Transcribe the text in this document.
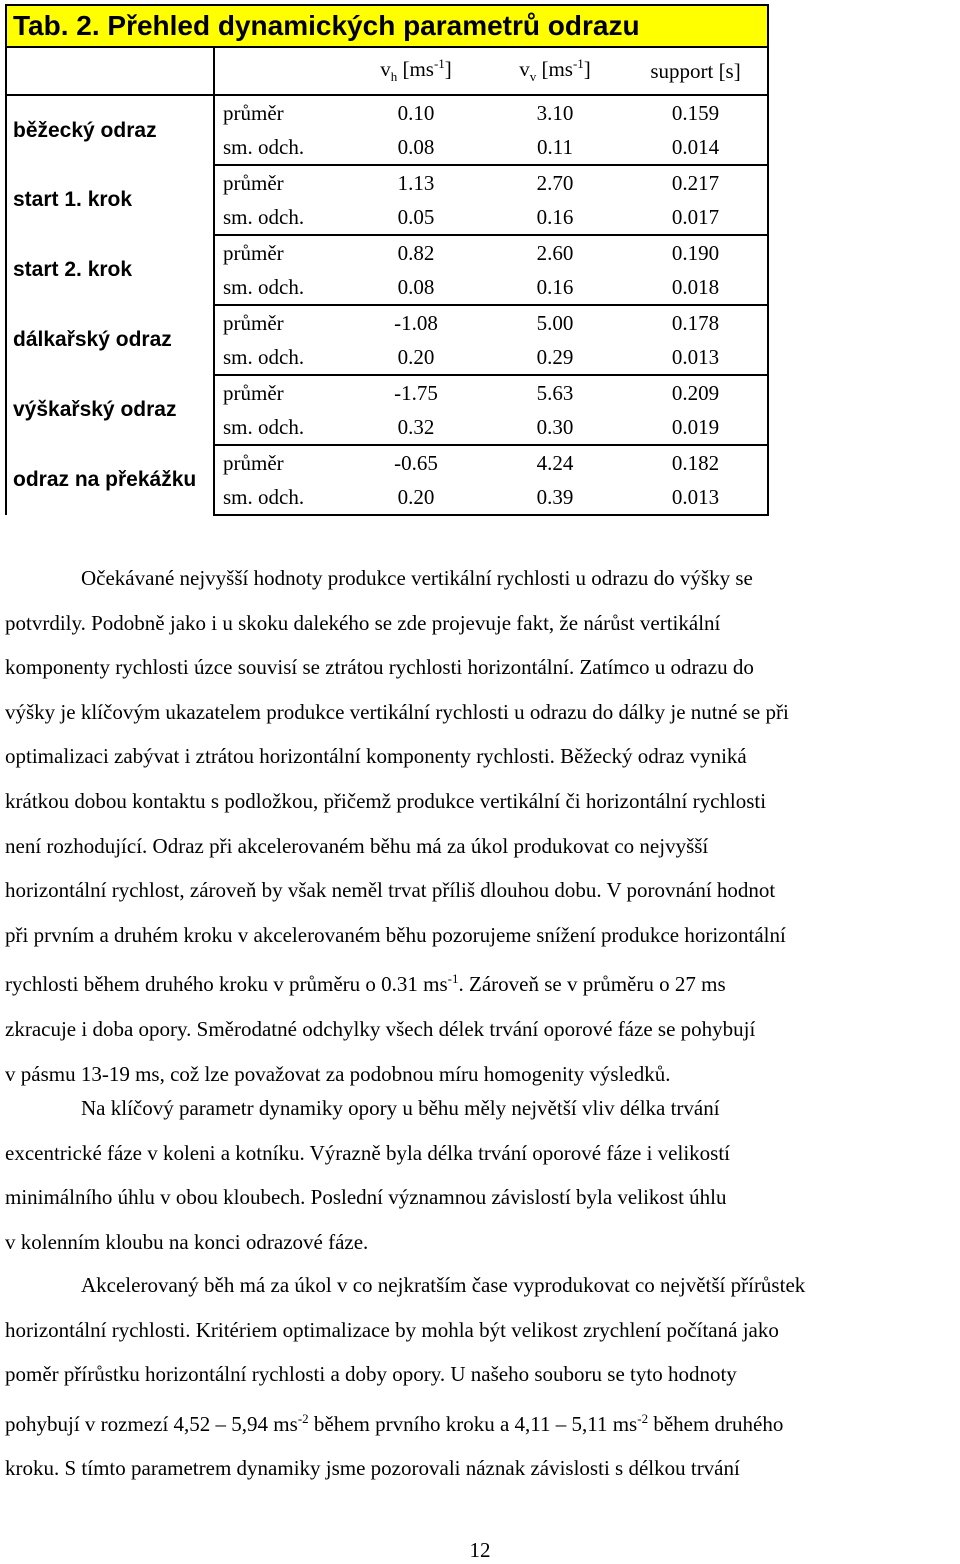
Tab. 2. Přehled dynamických parametrů odrazu				
		$v_h$ $[ms^{-1}]$	$v_v$ $[ms^{-1}]$	support [s]
běžecký odraz	průměr	0.10	3.10	0.159
	sm. odch.	0.08	0.11	0.014
start 1. krok	průměr	1.13	2.70	0.217
	sm. odch.	0.05	0.16	0.017
start 2. krok	průměr	0.82	2.60	0.190
	sm. odch.	0.08	0.16	0.018
dálkařský odraz	průměr	-1.08	5.00	0.178
	sm. odch.	0.20	0.29	0.013
výškařský odraz	průměr	-1.75	5.63	0.209
	sm. odch.	0.32	0.30	0.019
odraz na překážku	průměr	-0.65	4.24	0.182
	sm. odch.	0.20	0.39	0.013

Očekávané nejvyšší hodnoty produkce vertikální rychlosti u odrazu do výšky se

potvrdily. Podobně jako i u skoku dalekého se zde projevuje fakt, že nárůst vertikální

komponenty rychlosti úzce souvisí se ztrátou rychlosti horizontální. Zatímco u odrazu do

výšky je klíčovým ukazatelem produkce vertikální rychlosti u odrazu do dálky je nutné se při

optimalizaci zabývat i ztrátou horizontální komponenty rychlosti. Běžecký odraz vyniká

krátkou dobou kontaktu s podložkou, přičemž produkce vertikální či horizontální rychlosti

není rozhodující. Odraz při akcelerovaném běhu má za úkol produkovat co nejvyšší

horizontální rychlost, zároveň by však neměl trvat příliš dlouhou dobu. V porovnání hodnot

při prvním a druhém kroku v akcelerovaném běhu pozorujeme snížení produkce horizontální

rychlosti během druhého kroku v průměru o 0.31 $ms^{-1}$. Zároveň se v průměru o 27 ms

zkracuje i doba opory. Směrodatné odchylky všech délek trvání oporové fáze se pohybují

v pásmu 13-19 ms, což lze považovat za podobnou míru homogenity výsledků.

Na klíčový parametr dynamiky opory u běhu měly největší vliv délka trvání

excentrické fáze v koleni a kotníku. Výrazně byla délka trvání oporové fáze i velikostí

minimálního úhlu v obou kloubech. Poslední významnou závislostí byla velikost úhlu

v kolenním kloubu na konci odrazové fáze.

Akcelerovaný běh má za úkol v co nejkratším čase vyprodukovat co největší přírůstek

horizontální rychlosti. Kritériem optimalizace by mohla být velikost zrychlení počítaná jako

poměr přírůstku horizontální rychlosti a doby opory. U našeho souboru se tyto hodnoty

pohybují v rozmezí 4,52 – 5,94 $ms^{-2}$ během prvního kroku a 4,11 – 5,11 $ms^{-2}$ během druhého

kroku. S tímto parametrem dynamiky jsme pozorovali náznak závislosti s délkou trvání

12
